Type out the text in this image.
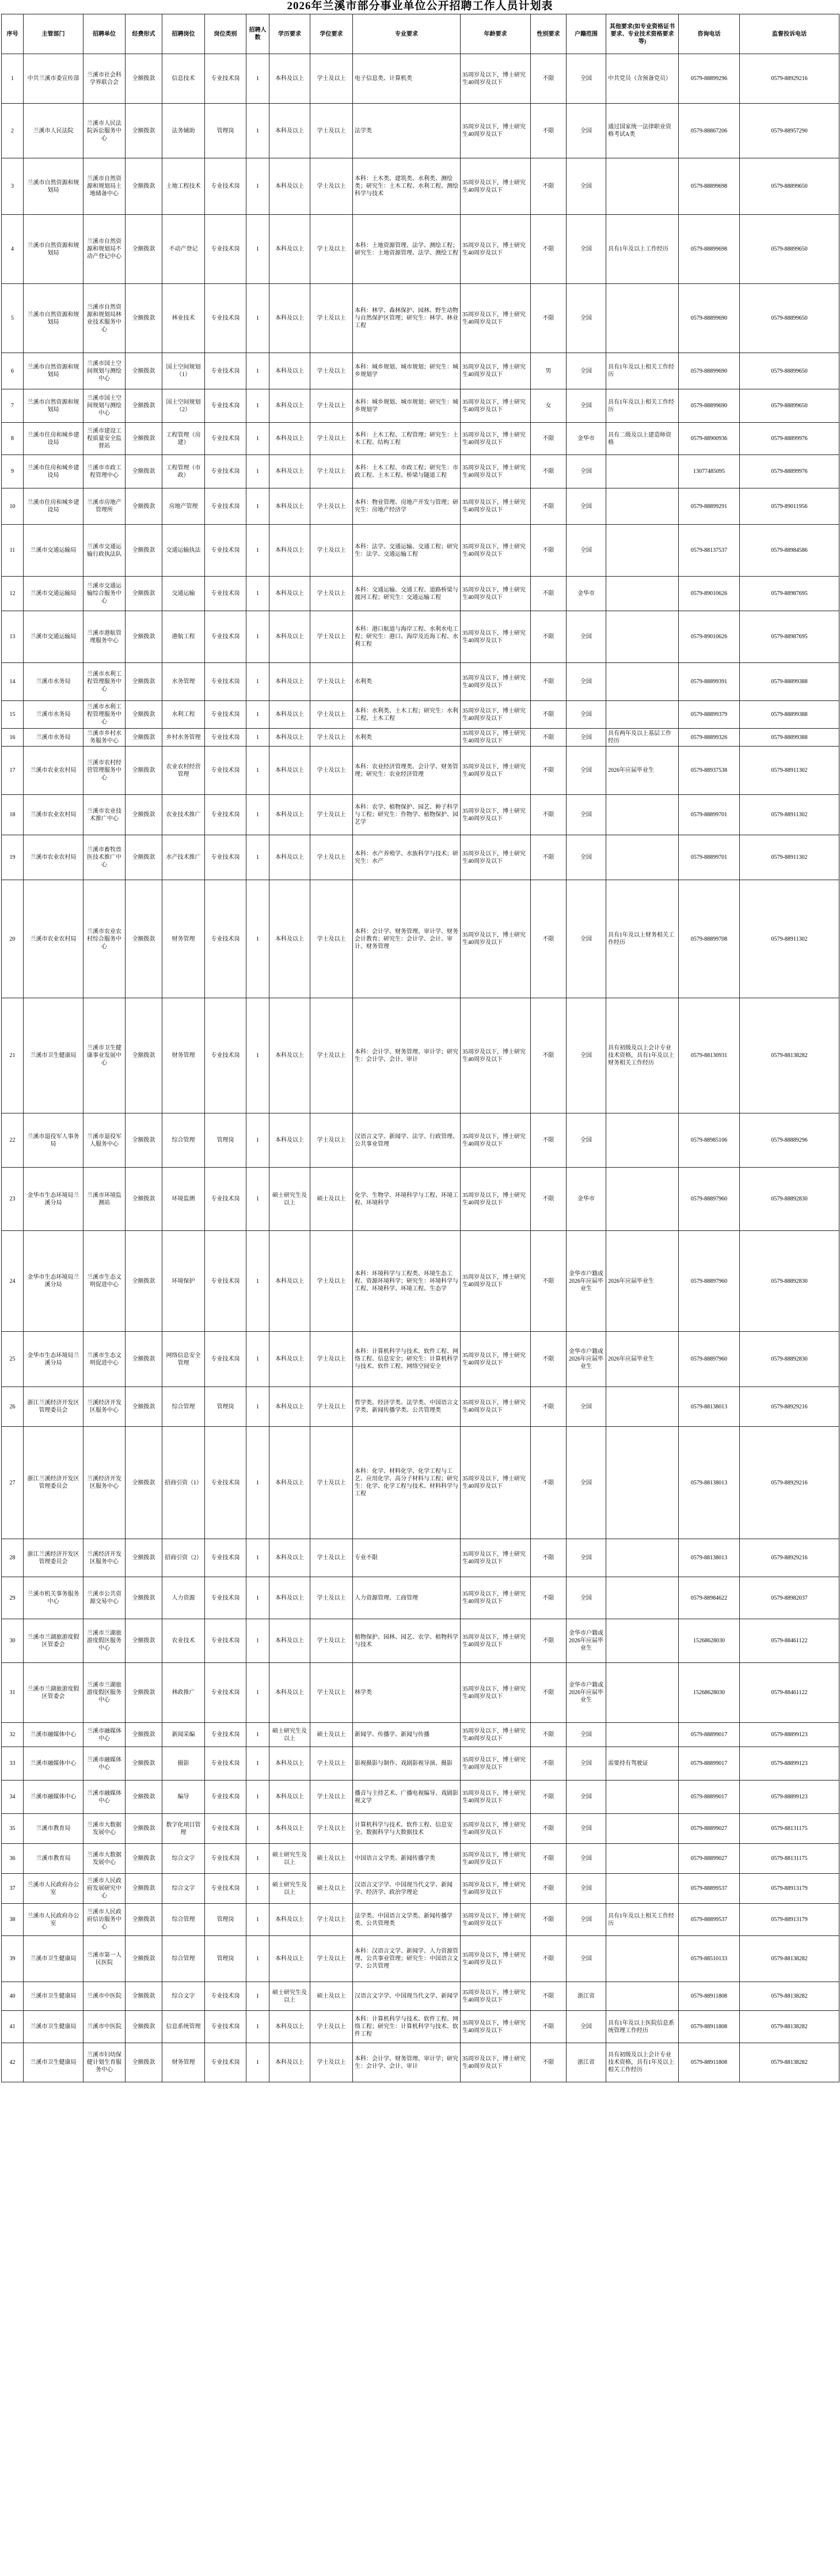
2026年兰溪市部分事业单位公开招聘工作人员计划表
序号	主管部门	招聘单位	经费形式	招聘岗位	岗位类别	招聘人数	学历要求	学位要求	专业要求	年龄要求	性别要求	户籍范围	其他要求(如专业资格证书要求、专业技术资格要求等)	咨询电话	监督投诉电话
1	中共兰溪市委宣传部	兰溪市社会科学界联合会	全额拨款	信息技术	专业技术岗	1	本科及以上	学士及以上	电子信息类、计算机类	35周岁及以下，博士研究生40周岁及以下	不限	全国	中共党员（含预备党员）	0579-88899296	0579-88929216
2	兰溪市人民法院	兰溪市人民法院诉讼服务中心	全额拨款	法务辅助	管理岗	1	本科及以上	学士及以上	法学类	35周岁及以下，博士研究生40周岁及以下	不限	全国	通过国家统一法律职业资格考试A类	0579-88867206	0579-88957290
3	兰溪市自然资源和规划局	兰溪市自然资源和规划局土地储备中心	全额拨款	土地工程技术	专业技术岗	1	本科及以上	学士及以上	本科：土木类、建筑类、水利类、测绘类；研究生：土木工程、水利工程、测绘科学与技术	35周岁及以下，博士研究生40周岁及以下	不限	全国		0579-88899698	0579-88899650
4	兰溪市自然资源和规划局	兰溪市自然资源和规划局不动产登记中心	全额拨款	不动产登记	专业技术岗	1	本科及以上	学士及以上	本科：土地资源管理、法学、测绘工程；研究生：土地资源管理、法学、测绘工程	35周岁及以下，博士研究生40周岁及以下	不限	全国	具有1年及以上工作经历	0579-88899698	0579-88899650
5	兰溪市自然资源和规划局	兰溪市自然资源和规划局林业技术服务中心	全额拨款	林业技术	专业技术岗	1	本科及以上	学士及以上	本科：林学、森林保护、园林、野生动物与自然保护区管理；研究生：林学、林业工程	35周岁及以下，博士研究生40周岁及以下	不限	全国		0579-88899690	0579-88899650
6	兰溪市自然资源和规划局	兰溪市国土空间规划与测绘中心	全额拨款	国土空间规划（1）	专业技术岗	1	本科及以上	学士及以上	本科：城乡规划、城市规划；研究生：城乡规划学	35周岁及以下，博士研究生40周岁及以下	男	全国	具有1年及以上相关工作经历	0579-88899690	0579-88899650
7	兰溪市自然资源和规划局	兰溪市国土空间规划与测绘中心	全额拨款	国土空间规划（2）	专业技术岗	1	本科及以上	学士及以上	本科：城乡规划、城市规划；研究生：城乡规划学	35周岁及以下，博士研究生40周岁及以下	女	全国	具有1年及以上相关工作经历	0579-88899690	0579-88899650
8	兰溪市住房和城乡建设局	兰溪市建设工程质量安全监督站	全额拨款	工程管理（房建）	专业技术岗	1	本科及以上	学士及以上	本科：土木工程、工程管理；研究生：土木工程、结构工程	35周岁及以下，博士研究生40周岁及以下	不限	金华市	具有二级及以上建造师资格	0579-88900936	0579-88899976
9	兰溪市住房和城乡建设局	兰溪市市政工程管理中心	全额拨款	工程管理（市政）	专业技术岗	1	本科及以上	学士及以上	本科：土木工程、市政工程；研究生：市政工程、土木工程、桥梁与隧道工程	35周岁及以下，博士研究生40周岁及以下	不限	全国		13077485095	0579-88899976
10	兰溪市住房和城乡建设局	兰溪市房地产管理所	全额拨款	房地产管理	专业技术岗	1	本科及以上	学士及以上	本科：物业管理、房地产开发与管理；研究生：房地产经济学	35周岁及以下，博士研究生40周岁及以下	不限	全国		0579-88899291	0579-89011956
11	兰溪市交通运输局	兰溪市交通运输行政执法队	全额拨款	交通运输执法	专业技术岗	1	本科及以上	学士及以上	本科：法学、交通运输、交通工程；研究生：法学、交通运输工程	35周岁及以下，博士研究生40周岁及以下	不限	全国		0579-88137537	0579-88984586
12	兰溪市交通运输局	兰溪市交通运输综合服务中心	全额拨款	交通运输	专业技术岗	1	本科及以上	学士及以上	本科：交通运输、交通工程、道路桥梁与渡河工程；研究生：交通运输工程	35周岁及以下，博士研究生40周岁及以下	不限	金华市		0579-89010626	0579-88987695
13	兰溪市交通运输局	兰溪市港航管理服务中心	全额拨款	港航工程	专业技术岗	1	本科及以上	学士及以上	本科：港口航道与海岸工程、水利水电工程；研究生：港口、海岸及近海工程、水利工程	35周岁及以下，博士研究生40周岁及以下	不限	全国		0579-89010626	0579-88987695
14	兰溪市水务局	兰溪市水利工程管理服务中心	全额拨款	水务管理	专业技术岗	1	本科及以上	学士及以上	水利类	35周岁及以下，博士研究生40周岁及以下	不限	全国		0579-88899391	0579-88899388
15	兰溪市水务局	兰溪市水利工程管理服务中心	全额拨款	水利工程	专业技术岗	1	本科及以上	学士及以上	本科：水利类、土木工程；研究生：水利工程、土木工程	35周岁及以下，博士研究生40周岁及以下	不限	全国		0579-88899379	0579-88899388
16	兰溪市水务局	兰溪市乡村水务服务中心	全额拨款	乡村水务管理	专业技术岗	1	本科及以上	学士及以上	水利类	35周岁及以下，博士研究生40周岁及以下	不限	全国	具有两年及以上基层工作经历	0579-88899326	0579-88899388
17	兰溪市农业农村局	兰溪市农村经营管理服务中心	全额拨款	农业农村经营管理	专业技术岗	1	本科及以上	学士及以上	本科：农业经济管理类、会计学、财务管理；研究生：农业经济管理	35周岁及以下，博士研究生40周岁及以下	不限	全国	2026年应届毕业生	0579-88937538	0579-88911302
18	兰溪市农业农村局	兰溪市农业技术推广中心	全额拨款	农业技术推广	专业技术岗	1	本科及以上	学士及以上	本科：农学、植物保护、园艺、种子科学与工程；研究生：作物学、植物保护、园艺学	35周岁及以下，博士研究生40周岁及以下	不限	全国		0579-88899701	0579-88911302
19	兰溪市农业农村局	兰溪市畜牧兽医技术推广中心	全额拨款	水产技术推广	专业技术岗	1	本科及以上	学士及以上	本科：水产养殖学、水族科学与技术；研究生：水产	35周岁及以下，博士研究生40周岁及以下	不限	全国		0579-88899701	0579-88911302
20	兰溪市农业农村局	兰溪市农业农村综合服务中心	全额拨款	财务管理	专业技术岗	1	本科及以上	学士及以上	本科：会计学、财务管理、审计学、财务会计教育；研究生：会计学、会计、审计、财务管理	35周岁及以下，博士研究生40周岁及以下	不限	全国	具有1年及以上财务相关工作经历	0579-88899708	0579-88911302
21	兰溪市卫生健康局	兰溪市卫生健康事业发展中心	全额拨款	财务管理	专业技术岗	1	本科及以上	学士及以上	本科：会计学、财务管理、审计学；研究生：会计学、会计、审计	35周岁及以下，博士研究生40周岁及以下	不限	全国	具有初级及以上会计专业技术资格，具有1年及以上财务相关工作经历	0579-88130931	0579-88138282
22	兰溪市退役军人事务局	兰溪市退役军人服务中心	全额拨款	综合管理	管理岗	1	本科及以上	学士及以上	汉语言文学、新闻学、法学、行政管理、公共事业管理	35周岁及以下，博士研究生40周岁及以下	不限	全国		0579-88985106	0579-88889296
23	金华市生态环境局兰溪分局	兰溪市环境监测站	全额拨款	环境监测	专业技术岗	1	硕士研究生及以上	硕士及以上	化学、生物学、环境科学与工程、环境工程、环境科学	35周岁及以下，博士研究生40周岁及以下	不限	金华市		0579-88897960	0579-88892830
24	金华市生态环境局兰溪分局	兰溪市生态文明促进中心	全额拨款	环境保护	专业技术岗	1	本科及以上	学士及以上	本科：环境科学与工程类、环境生态工程、资源环境科学；研究生：环境科学与工程、环境科学、环境工程、生态学	35周岁及以下，博士研究生40周岁及以下	不限	金华市户籍或2026年应届毕业生	2026年应届毕业生	0579-88897960	0579-88892830
25	金华市生态环境局兰溪分局	兰溪市生态文明促进中心	全额拨款	网络信息安全管理	专业技术岗	1	本科及以上	学士及以上	本科：计算机科学与技术、软件工程、网络工程、信息安全；研究生：计算机科学与技术、软件工程、网络空间安全	35周岁及以下，博士研究生40周岁及以下	不限	金华市户籍或2026年应届毕业生	2026年应届毕业生	0579-88897960	0579-88892830
26	浙江兰溪经济开发区管理委员会	兰溪经济开发区服务中心	全额拨款	综合管理	管理岗	1	本科及以上	学士及以上	哲学类、经济学类、法学类、中国语言文学类、新闻传播学类、公共管理类	35周岁及以下，博士研究生40周岁及以下	不限	全国		0579-88138013	0579-88929216
27	浙江兰溪经济开发区管理委员会	兰溪经济开发区服务中心	全额拨款	招商引资（1）	专业技术岗	1	本科及以上	学士及以上	本科：化学、材料化学、化学工程与工艺、应用化学、高分子材料与工程；研究生：化学、化学工程与技术、材料科学与工程	35周岁及以下，博士研究生40周岁及以下	不限	全国		0579-88138013	0579-88929216
28	浙江兰溪经济开发区管理委员会	兰溪经济开发区服务中心	全额拨款	招商引资（2）	专业技术岗	1	本科及以上	学士及以上	专业不限	35周岁及以下，博士研究生40周岁及以下	不限	全国		0579-88138013	0579-88929216
29	兰溪市机关事务服务中心	兰溪市公共资源交易中心	全额拨款	人力资源	专业技术岗	1	本科及以上	学士及以上	人力资源管理、工商管理	35周岁及以下，博士研究生40周岁及以下	不限	全国		0579-88984622	0579-88982037
30	兰溪市兰湖旅游度假区管委会	兰溪市兰湖旅游度假区服务中心	全额拨款	农业技术	专业技术岗	1	本科及以上	学士及以上	植物保护、园林、园艺、农学、植物科学与技术	35周岁及以下，博士研究生40周岁及以下	不限	金华市户籍或2026年应届毕业生		15268628030	0579-88461122
31	兰溪市兰湖旅游度假区管委会	兰溪市兰湖旅游度假区服务中心	全额拨款	林政推广	专业技术岗	1	本科及以上	学士及以上	林学类	35周岁及以下，博士研究生40周岁及以下	不限	金华市户籍或2026年应届毕业生		15268628030	0579-88461122
32	兰溪市融媒体中心	兰溪市融媒体中心	全额拨款	新闻采编	专业技术岗	1	硕士研究生及以上	硕士及以上	新闻学、传播学、新闻与传播	35周岁及以下，博士研究生40周岁及以下	不限	全国		0579-88899017	0579-88899123
33	兰溪市融媒体中心	兰溪市融媒体中心	全额拨款	摄影	专业技术岗	1	本科及以上	学士及以上	影视摄影与制作、戏剧影视导演、摄影	35周岁及以下，博士研究生40周岁及以下	不限	全国	需要持有驾驶证	0579-88899017	0579-88899123
34	兰溪市融媒体中心	兰溪市融媒体中心	全额拨款	编导	专业技术岗	1	本科及以上	学士及以上	播音与主持艺术、广播电视编导、戏剧影视文学	35周岁及以下，博士研究生40周岁及以下	不限	全国		0579-88899017	0579-88899123
35	兰溪市教育局	兰溪市大数据发展中心	全额拨款	数字化项目管理	专业技术岗	1	本科及以上	学士及以上	计算机科学与技术、软件工程、信息安全、数据科学与大数据技术	35周岁及以下，博士研究生40周岁及以下	不限	全国		0579-88899027	0579-88131175
36	兰溪市教育局	兰溪市大数据发展中心	全额拨款	综合文字	专业技术岗	1	硕士研究生及以上	硕士及以上	中国语言文学类、新闻传播学类	35周岁及以下，博士研究生40周岁及以下	不限	全国		0579-88899027	0579-88131175
37	兰溪市人民政府办公室	兰溪市人民政府发展研究中心	全额拨款	综合文字	专业技术岗	1	硕士研究生及以上	硕士及以上	汉语言文字学、中国现当代文学、新闻学、经济学、政治学理论	35周岁及以下，博士研究生40周岁及以下	不限	全国		0579-88899537	0579-88913179
38	兰溪市人民政府办公室	兰溪市人民政府信访服务中心	全额拨款	综合管理	管理岗	1	本科及以上	学士及以上	法学类、中国语言文学类、新闻传播学类、公共管理类	35周岁及以下，博士研究生40周岁及以下	不限	全国	具有1年及以上相关工作经历	0579-88899537	0579-88913179
39	兰溪市卫生健康局	兰溪市第一人民医院	全额拨款	综合管理	管理岗	1	本科及以上	学士及以上	本科：汉语言文学、新闻学、人力资源管理、公共事业管理；研究生：中国语言文学、公共管理	35周岁及以下，博士研究生40周岁及以下	不限	全国		0579-88510133	0579-88138282
40	兰溪市卫生健康局	兰溪市中医院	全额拨款	综合文字	专业技术岗	1	硕士研究生及以上	硕士及以上	汉语言文字学、中国现当代文学、新闻学	35周岁及以下，博士研究生40周岁及以下	不限	浙江省		0579-88911808	0579-88138282
41	兰溪市卫生健康局	兰溪市中医院	全额拨款	信息系统管理	专业技术岗	1	本科及以上	学士及以上	本科：计算机科学与技术、软件工程、网络工程；研究生：计算机科学与技术、软件工程	35周岁及以下，博士研究生40周岁及以下	不限	全国	具有1年及以上医院信息系统管理工作经历	0579-88911808	0579-88138282
42	兰溪市卫生健康局	兰溪市妇幼保健计划生育服务中心	全额拨款	财务管理	专业技术岗	1	本科及以上	学士及以上	本科：会计学、财务管理、审计学；研究生：会计学、会计、审计	35周岁及以下，博士研究生40周岁及以下	不限	浙江省	具有初级及以上会计专业技术资格，具有1年及以上相关工作经历	0579-88911808	0579-88138282
